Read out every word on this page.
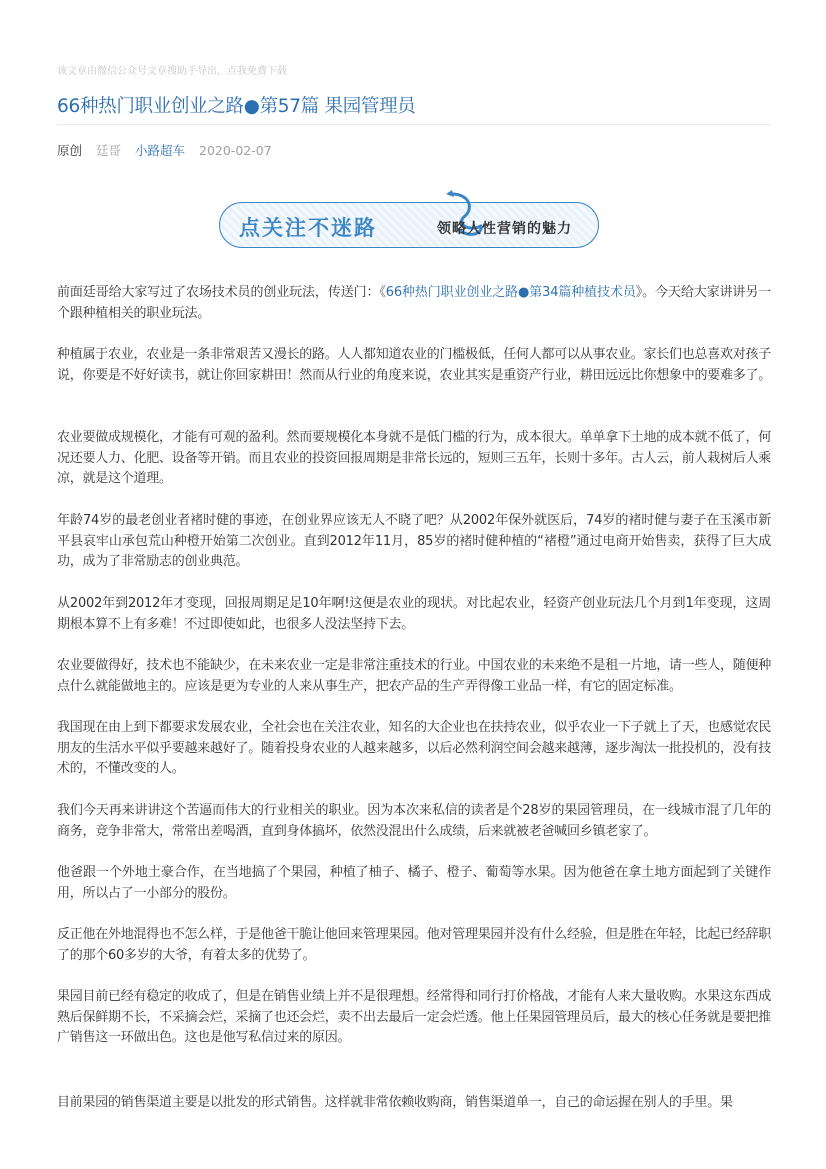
该文章由微信公众号文章搜助手导出，点我免费下载
66种热门职业创业之路●第57篇 果园管理员
原创 廷哥 小路超车 2020-02-07
点关注不迷路	领略人性营销的魅力

前面廷哥给大家写过了农场技术员的创业玩法，传送门：《66种热门职业创业之路●第34篇种植技术员》。今天给大家讲讲另一个跟种植相关的职业玩法。

种植属于农业，农业是一条非常艰苦又漫长的路。人人都知道农业的门槛极低，任何人都可以从事农业。家长们也总喜欢对孩子说，你要是不好好读书，就让你回家耕田！然而从行业的角度来说，农业其实是重资产行业，耕田远远比你想象中的要难多了。

农业要做成规模化，才能有可观的盈利。然而要规模化本身就不是低门槛的行为，成本很大。单单拿下土地的成本就不低了，何况还要人力、化肥、设备等开销。而且农业的投资回报周期是非常长远的，短则三五年，长则十多年。古人云，前人栽树后人乘凉，就是这个道理。

年龄74岁的最老创业者褚时健的事迹，在创业界应该无人不晓了吧？从2002年保外就医后，74岁的褚时健与妻子在玉溪市新平县哀牢山承包荒山种橙开始第二次创业。直到2012年11月，85岁的褚时健种植的“褚橙”通过电商开始售卖，获得了巨大成功，成为了非常励志的创业典范。

从2002年到2012年才变现，回报周期足足10年啊!这便是农业的现状。对比起农业，轻资产创业玩法几个月到1年变现，这周期根本算不上有多难！不过即使如此，也很多人没法坚持下去。

农业要做得好，技术也不能缺少，在未来农业一定是非常注重技术的行业。中国农业的未来绝不是租一片地，请一些人，随便种点什么就能做地主的。应该是更为专业的人来从事生产，把农产品的生产弄得像工业品一样，有它的固定标准。

我国现在由上到下都要求发展农业，全社会也在关注农业，知名的大企业也在扶持农业，似乎农业一下子就上了天，也感觉农民朋友的生活水平似乎要越来越好了。随着投身农业的人越来越多，以后必然利润空间会越来越薄，逐步淘汰一批投机的，没有技术的，不懂改变的人。

我们今天再来讲讲这个苦逼而伟大的行业相关的职业。因为本次来私信的读者是个28岁的果园管理员，在一线城市混了几年的商务，竞争非常大，常常出差喝酒，直到身体搞坏，依然没混出什么成绩，后来就被老爸喊回乡镇老家了。

他爸跟一个外地土豪合作，在当地搞了个果园，种植了柚子、橘子、橙子、葡萄等水果。因为他爸在拿土地方面起到了关键作用，所以占了一小部分的股份。

反正他在外地混得也不怎么样，于是他爸干脆让他回来管理果园。他对管理果园并没有什么经验，但是胜在年轻，比起已经辞职了的那个60多岁的大爷，有着太多的优势了。

果园目前已经有稳定的收成了，但是在销售业绩上并不是很理想。经常得和同行打价格战，才能有人来大量收购。水果这东西成熟后保鲜期不长，不采摘会烂，采摘了也还会烂，卖不出去最后一定会烂透。他上任果园管理员后，最大的核心任务就是要把推广销售这一环做出色。这也是他写私信过来的原因。

目前果园的销售渠道主要是以批发的形式销售。这样就非常依赖收购商，销售渠道单一，自己的命运握在别人的手里。果
